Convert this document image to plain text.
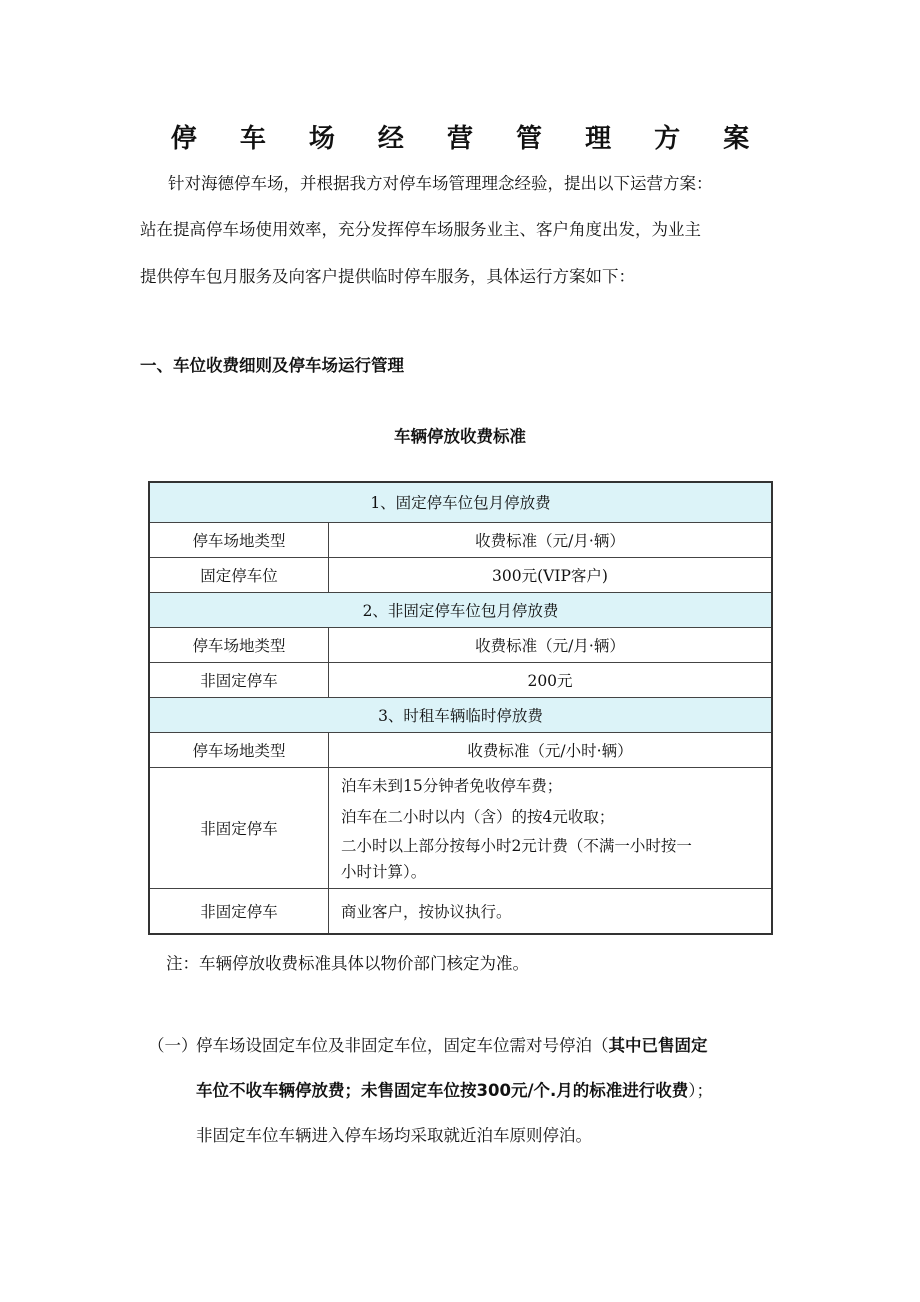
停 车 场 经 营 管 理 方 案
针对海德停车场，并根据我方对停车场管理理念经验，提出以下运营方案：
站在提高停车场使用效率，充分发挥停车场服务业主、客户角度出发，为业主
提供停车包月服务及向客户提供临时停车服务，具体运行方案如下：
一、车位收费细则及停车场运行管理
车辆停放收费标准
1、固定停车位包月停放费	
停车场地类型	收费标准（元/月·辆）
固定停车位	300元(VIP客户)
2、非固定停车位包月停放费	
停车场地类型	收费标准（元/月·辆）
非固定停车	200元
3、时租车辆临时停放费	
停车场地类型	收费标准（元/小时·辆）
非固定停车	泊车未到15分钟者免收停车费；
泊车在二小时以内（含）的按4元收取；
二小时以上部分按每小时2元计费（不满一小时按一
小时计算）。

非固定停车	商业客户，按协议执行。
注：车辆停放收费标准具体以物价部门核定为准。
（一）
停车场设固定车位及非固定车位，固定车位需对号停泊（其中已售固定
车位不收车辆停放费；未售固定车位按300元/个.月的标准进行收费）；
非固定车位车辆进入停车场均采取就近泊车原则停泊。
